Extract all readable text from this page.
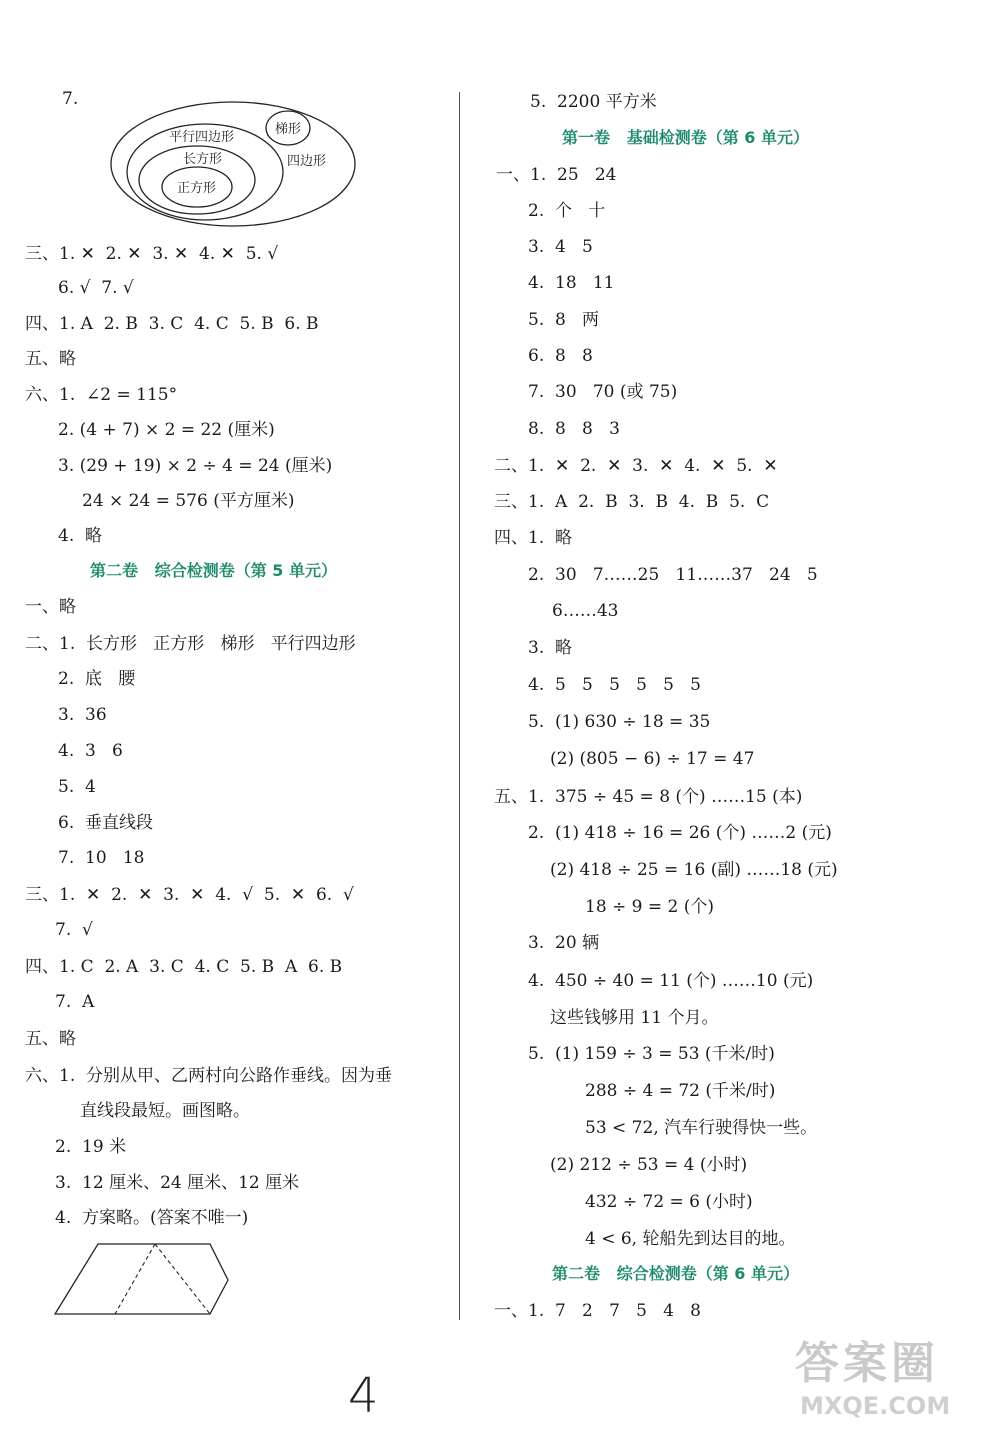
7.
四边形
梯形
平行四边形
长方形
正方形
三、1. ✕  2. ✕  3. ✕  4. ✕  5. √
6. √  7. √
四、1. A  2. B  3. C  4. C  5. B  6. B
五、略
六、1.  ∠2 = 115°
2. (4 + 7) × 2 = 22 (厘米)
3. (29 + 19) × 2 ÷ 4 = 24 (厘米)
24 × 24 = 576 (平方厘米)
4.  略
第二卷   综合检测卷（第 5 单元）
一、略
二、1.  长方形   正方形   梯形   平行四边形
2.  底   腰
3.  36
4.  3   6
5.  4
6.  垂直线段
7.  10   18
三、1.  ✕  2.  ✕  3.  ✕  4.  √  5.  ✕  6.  √
7.  √
四、1. C  2. A  3. C  4. C  5. B  A  6. B
7.  A
五、略
六、1.  分别从甲、乙两村向公路作垂线。因为垂
直线段最短。画图略。
2.  19 米
3.  12 厘米、24 厘米、12 厘米
4.  方案略。(答案不唯一)
5.  2200 平方米
第一卷   基础检测卷（第 6 单元）
一、1.  25   24
2.  个   十
3.  4   5
4.  18   11
5.  8   两
6.  8   8
7.  30   70 (或 75)
8.  8   8   3
二、1.  ✕  2.  ✕  3.  ✕  4.  ✕  5.  ✕
三、1.  A  2.  B  3.  B  4.  B  5.  C
四、1.  略
2.  30   7……25   11……37   24   5
6……43
3.  略
4.  5   5   5   5   5   5
5.  (1) 630 ÷ 18 = 35
(2) (805 − 6) ÷ 17 = 47
五、1.  375 ÷ 45 = 8 (个) ……15 (本)
2.  (1) 418 ÷ 16 = 26 (个) ……2 (元)
(2) 418 ÷ 25 = 16 (副) ……18 (元)
18 ÷ 9 = 2 (个)
3.  20 辆
4.  450 ÷ 40 = 11 (个) ……10 (元)
这些钱够用 11 个月。
5.  (1) 159 ÷ 3 = 53 (千米/时)
288 ÷ 4 = 72 (千米/时)
53 < 72, 汽车行驶得快一些。
(2) 212 ÷ 53 = 4 (小时)
432 ÷ 72 = 6 (小时)
4 < 6, 轮船先到达目的地。
第二卷   综合检测卷（第 6 单元）
一、1.  7   2   7   5   4   8
4
答案圈
MXQE.COM
